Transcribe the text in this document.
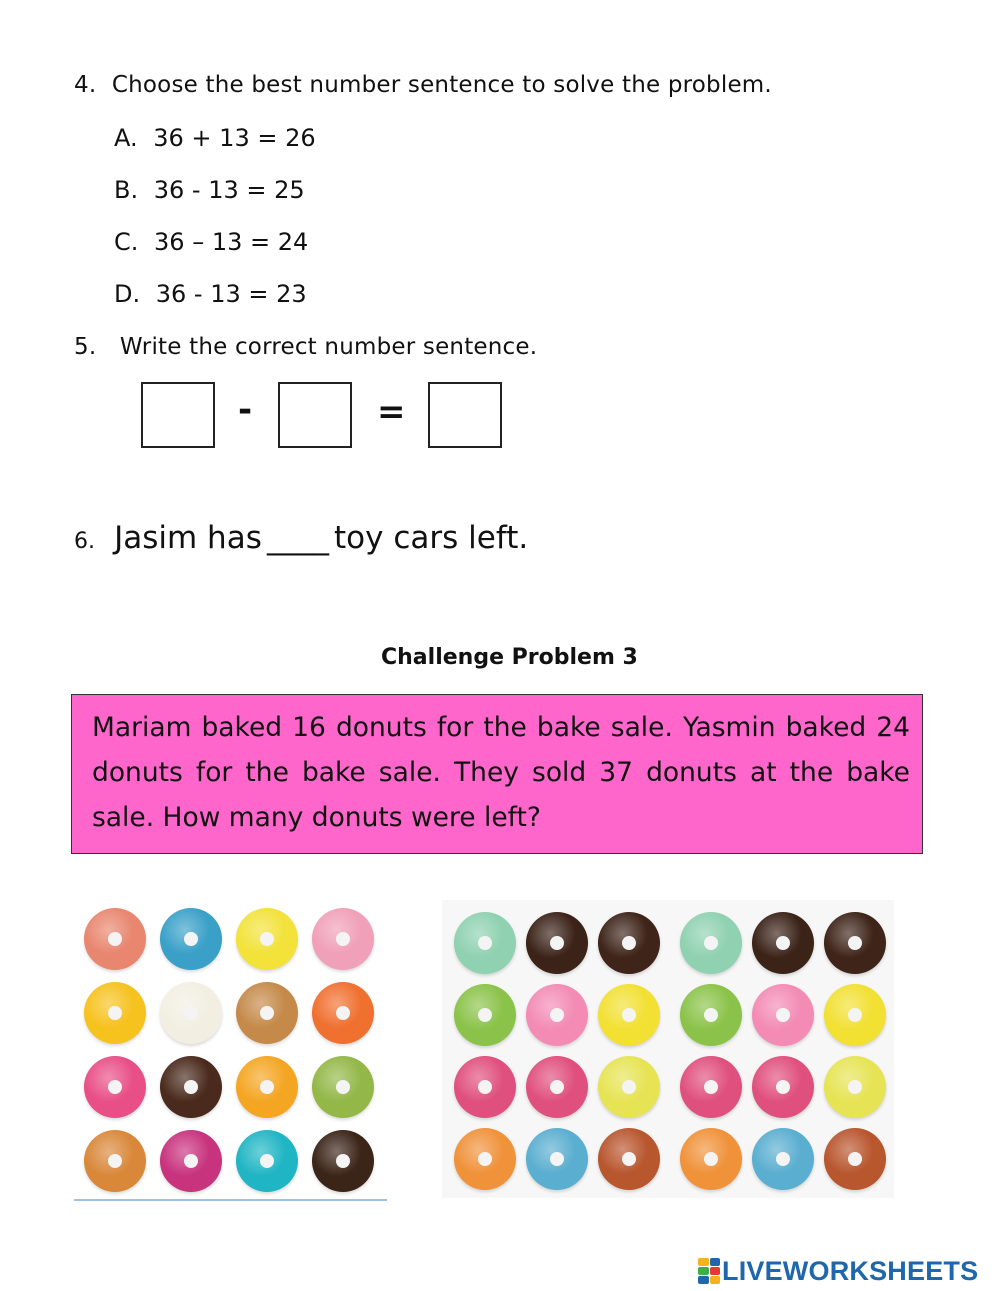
4. Choose the best number sentence to solve the problem.
A. 36 + 13 = 26
B. 36 - 13 = 25
C. 36 – 13 = 24
D. 36 - 13 = 23
5. Write the correct number sentence.
-	=
6. Jasim has ____ toy cars left.
Challenge Problem 3
Mariam baked 16 donuts for the bake sale. Yasmin baked 24 donuts for the bake sale. They sold 37 donuts at the bake sale. How many donuts were left?
LIVEWORKSHEETS
